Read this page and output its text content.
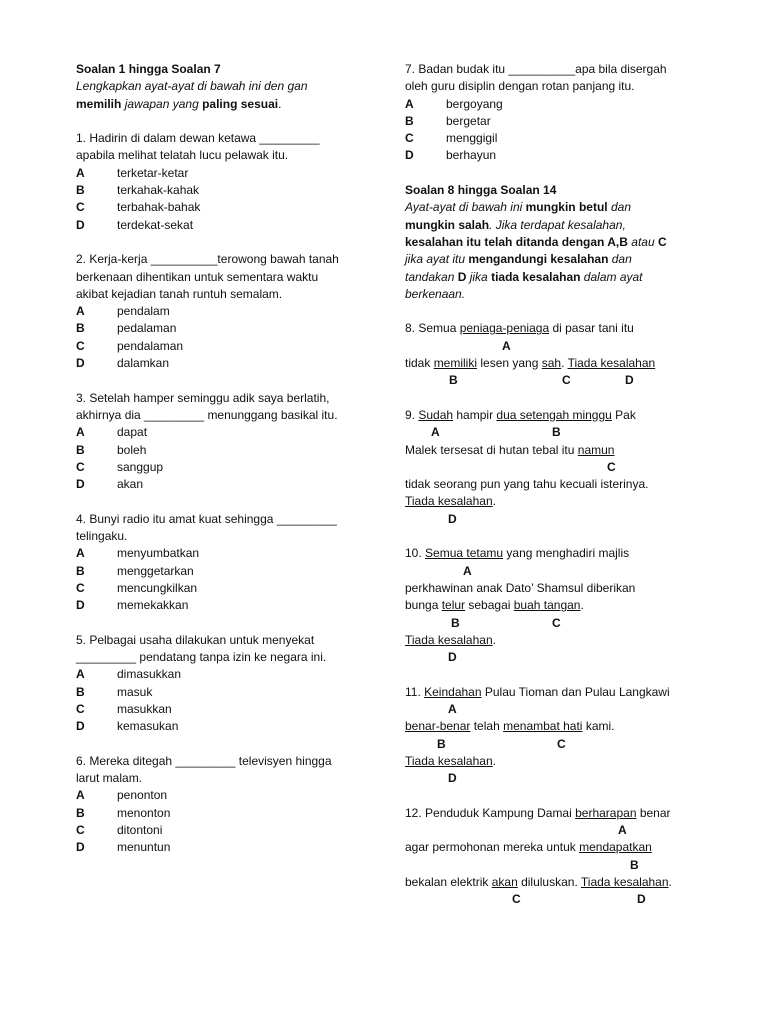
Soalan 1 hingga Soalan 7
Lengkapkan ayat-ayat di bawah ini den gan
memilih jawapan yang paling sesuai.
1. Hadirin di dalam dewan ketawa _________
apabila melihat telatah lucu pelawak itu.
A	terketar-ketar
B	terkahak-kahak
C	terbahak-bahak
D	terdekat-sekat
2. Kerja-kerja __________terowong bawah tanah
berkenaan dihentikan untuk sementara waktu
akibat kejadian tanah runtuh semalam.
A	pendalam
B	pedalaman
C	pendalaman
D	dalamkan
3. Setelah hamper seminggu adik saya berlatih,
akhirnya dia _________ menunggang basikal itu.
A	dapat
B	boleh
C	sanggup
D	akan
4. Bunyi radio itu amat kuat sehingga _________
telingaku.
A	menyumbatkan
B	menggetarkan
C	mencungkilkan
D	memekakkan
5. Pelbagai usaha dilakukan untuk menyekat
_________ pendatang tanpa izin ke negara ini.
A	dimasukkan
B	masuk
C	masukkan
D	kemasukan
6. Mereka ditegah _________ televisyen hingga
larut malam.
A	penonton
B	menonton
C	ditontoni
D	menuntun
7. Badan budak itu __________apa bila disergah
oleh guru disiplin dengan rotan panjang itu.
A	bergoyang
B	bergetar
C	menggigil
D	berhayun
Soalan 8 hingga Soalan 14
Ayat-ayat di bawah ini mungkin betul dan
mungkin salah. Jika terdapat kesalahan,
kesalahan itu telah ditanda dengan A,B atau C
jika ayat itu mengandungi kesalahan dan
tandakan D jika tiada kesalahan dalam ayat
berkenaan.
8. Semua peniaga-peniaga di pasar tani itu
A
tidak memiliki lesen yang sah. Tiada kesalahan
B	C	D
9. Sudah hampir dua setengah minggu Pak
A	B
Malek tersesat di hutan tebal itu namun
C
tidak seorang pun yang tahu kecuali isterinya.
Tiada kesalahan.
D
10. Semua tetamu yang menghadiri majlis
A
perkhawinan anak Dato’ Shamsul diberikan
bunga telur sebagai buah tangan.
B	C
Tiada kesalahan.
D
11. Keindahan Pulau Tioman dan Pulau Langkawi
A
benar-benar telah menambat hati kami.
B	C
Tiada kesalahan.
D
12. Penduduk Kampung Damai berharapan benar
A
agar permohonan mereka untuk mendapatkan
B
bekalan elektrik akan diluluskan. Tiada kesalahan.
C	D
